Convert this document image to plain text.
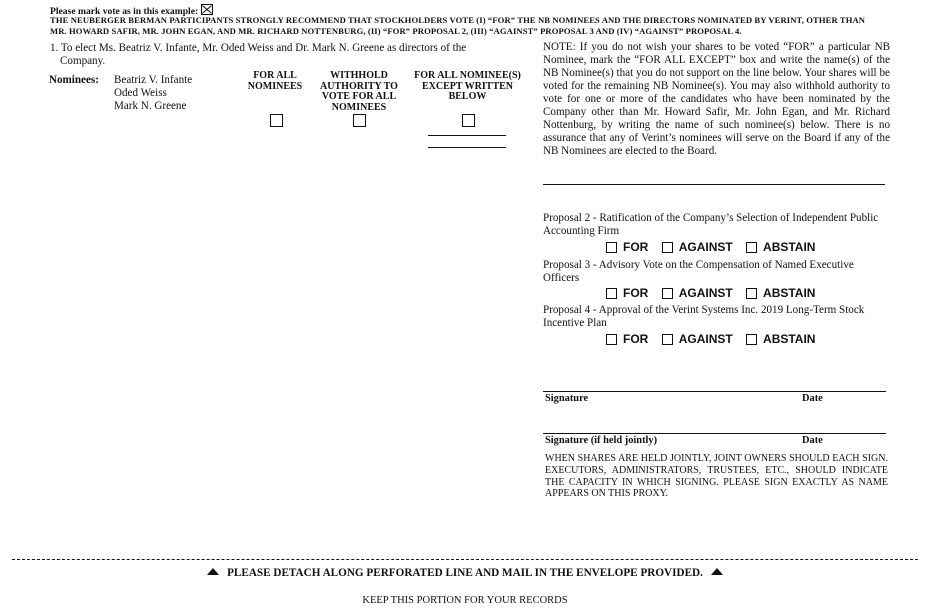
Please mark vote as in this example:
THE NEUBERGER BERMAN PARTICIPANTS STRONGLY RECOMMEND THAT STOCKHOLDERS VOTE (I) “FOR” THE NB NOMINEES AND THE DIRECTORS NOMINATED BY VERINT, OTHER THAN MR. HOWARD SAFIR, MR. JOHN EGAN, AND MR. RICHARD NOTTENBURG, (II) “FOR” PROPOSAL 2, (III) “AGAINST” PROPOSAL 3 AND (IV) “AGAINST” PROPOSAL 4.
1. To elect Ms. Beatriz V. Infante, Mr. Oded Weiss and Dr. Mark N. Greene as directors of the Company.
Nominees: Beatriz V. Infante
Oded Weiss
Mark N. Greene
FOR ALL NOMINEES
WITHHOLD AUTHORITY TO VOTE FOR ALL NOMINEES
FOR ALL NOMINEE(S) EXCEPT WRITTEN BELOW
NOTE: If you do not wish your shares to be voted “FOR” a particular NB Nominee, mark the “FOR ALL EXCEPT” box and write the name(s) of the NB Nominee(s) that you do not support on the line below. Your shares will be voted for the remaining NB Nominee(s). You may also withhold authority to vote for one or more of the candidates who have been nominated by the Company other than Mr. Howard Safir, Mr. John Egan, and Mr. Richard Nottenburg, by writing the name of such nominee(s) below. There is no assurance that any of Verint’s nominees will serve on the Board if any of the NB Nominees are elected to the Board.
Proposal 2 - Ratification of the Company’s Selection of Independent Public Accounting Firm
FOR
	AGAINST
	ABSTAIN
Proposal 3 - Advisory Vote on the Compensation of Named Executive Officers
FOR
	AGAINST
	ABSTAIN
Proposal 4 - Approval of the Verint Systems Inc. 2019 Long-Term Stock Incentive Plan
FOR
	AGAINST
	ABSTAIN
Signature	Date
Signature (if held jointly)	Date
WHEN SHARES ARE HELD JOINTLY, JOINT OWNERS SHOULD EACH SIGN. EXECUTORS, ADMINISTRATORS, TRUSTEES, ETC., SHOULD INDICATE THE CAPACITY IN WHICH SIGNING. PLEASE SIGN EXACTLY AS NAME APPEARS ON THIS PROXY.
PLEASE DETACH ALONG PERFORATED LINE AND MAIL IN THE ENVELOPE PROVIDED.
KEEP THIS PORTION FOR YOUR RECORDS
